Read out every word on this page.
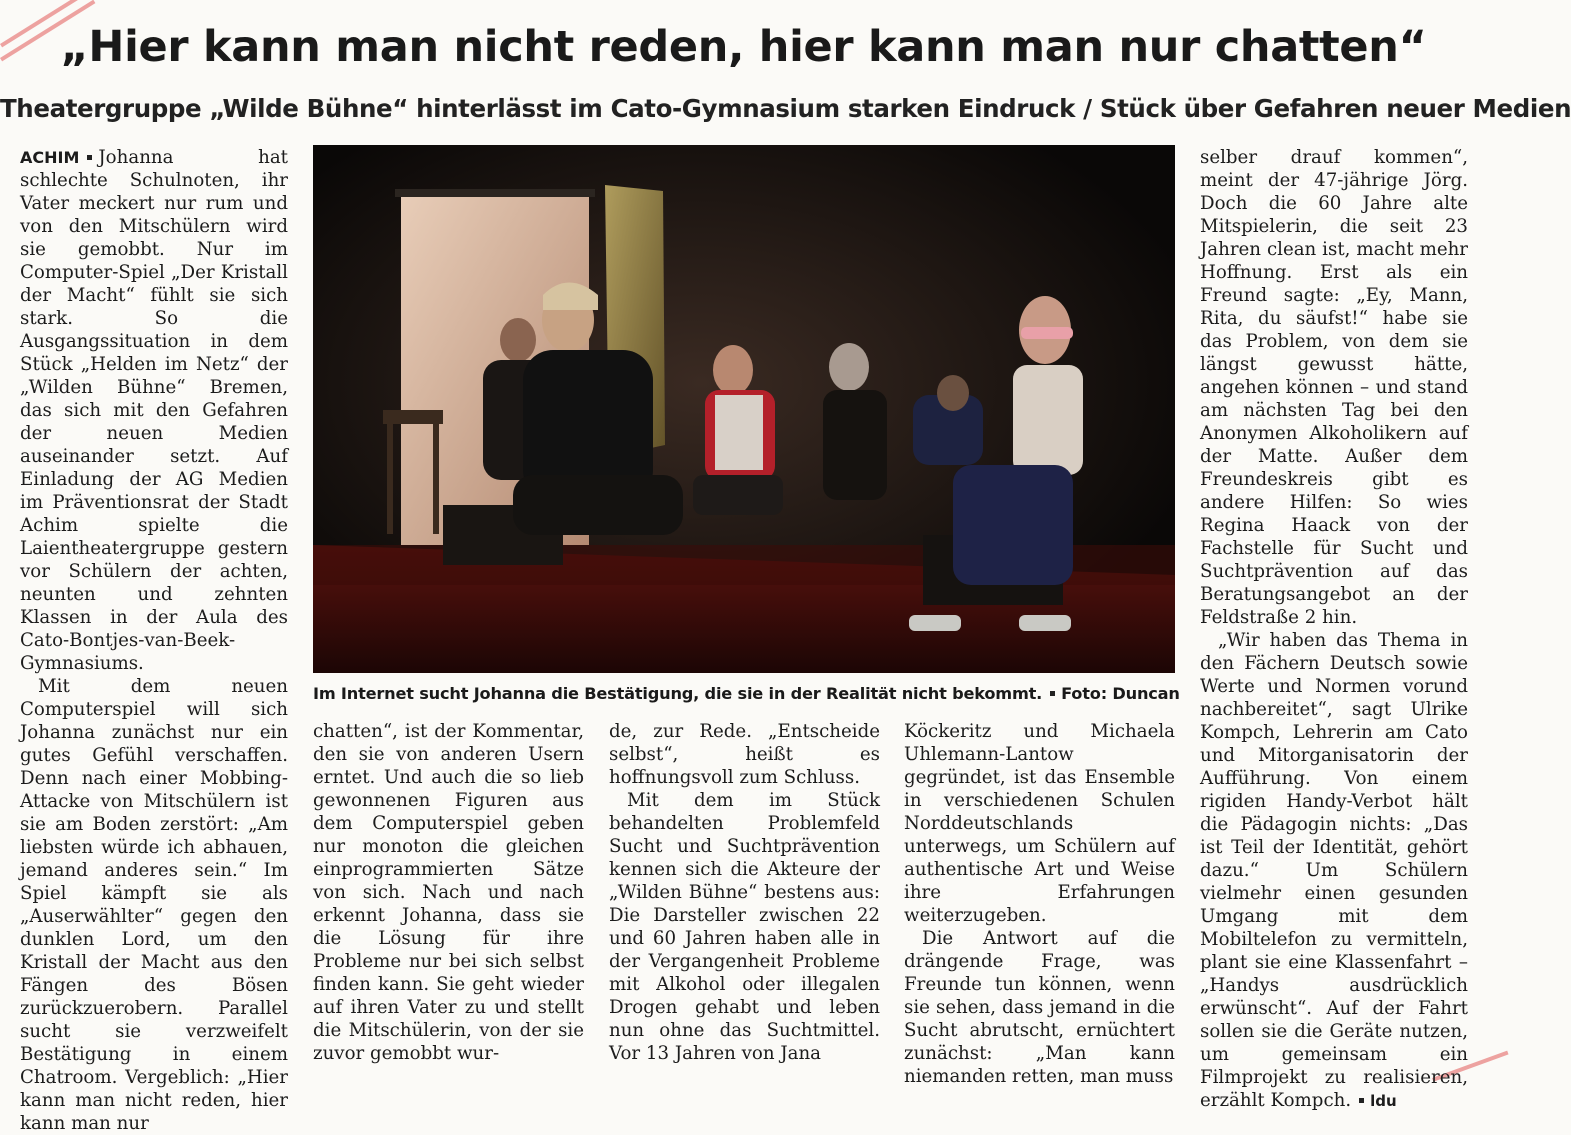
„Hier kann man nicht reden, hier kann man nur chatten“
Theatergruppe „Wilde Bühne“ hinterlässt im Cato-Gymnasium starken Eindruck / Stück über Gefahren neuer Medien

ACHIM Johanna hat schlechte Schulnoten, ihr Vater meckert nur rum und von den Mitschülern wird sie gemobbt. Nur im Computer-Spiel „Der Kristall der Macht“ fühlt sie sich stark. So die Ausgangssituation in dem Stück „Helden im Netz“ der „Wilden Bühne“ Bremen, das sich mit den Gefahren der neuen Medien auseinander setzt. Auf Einladung der AG Medien im Präventionsrat der Stadt Achim spielte die Laientheatergruppe gestern vor Schülern der achten, neunten und zehnten Klassen in der Aula des Cato-Bontjes-van-Beek-Gymnasiums.

Mit dem neuen Computerspiel will sich Johanna zunächst nur ein gutes Gefühl verschaffen. Denn nach einer Mobbing-Attacke von Mitschülern ist sie am Boden zerstört: „Am liebsten würde ich abhauen, jemand anderes sein.“ Im Spiel kämpft sie als „Auserwählter“ gegen den dunklen Lord, um den Kristall der Macht aus den Fängen des Bösen zurückzuerobern. Parallel sucht sie verzweifelt Bestätigung in einem Chatroom. Vergeblich: „Hier kann man nicht reden, hier kann man nur

Im Internet sucht Johanna die Bestätigung, die sie in der Realität nicht bekommt. Foto: Duncan

chatten“, ist der Kommentar, den sie von anderen Usern erntet. Und auch die so lieb gewonnenen Figuren aus dem Computerspiel geben nur monoton die gleichen einprogrammierten Sätze von sich. Nach und nach erkennt Johanna, dass sie die Lösung für ihre Probleme nur bei sich selbst finden kann. Sie geht wieder auf ihren Vater zu und stellt die Mitschülerin, von der sie zuvor gemobbt wur-

de, zur Rede. „Entscheide selbst“, heißt es hoffnungsvoll zum Schluss.

Mit dem im Stück behandelten Problemfeld Sucht und Suchtprävention kennen sich die Akteure der „Wilden Bühne“ bestens aus: Die Darsteller zwischen 22 und 60 Jahren haben alle in der Vergangenheit Probleme mit Alkohol oder illegalen Drogen gehabt und leben nun ohne das Suchtmittel. Vor 13 Jahren von Jana

Köckeritz und Michaela Uhlemann-Lantow gegründet, ist das Ensemble in verschiedenen Schulen Norddeutschlands unterwegs, um Schülern auf authentische Art und Weise ihre Erfahrungen weiterzugeben.

Die Antwort auf die drängende Frage, was Freunde tun können, wenn sie sehen, dass jemand in die Sucht abrutscht, ernüchtert zunächst: „Man kann niemanden retten, man muss

selber drauf kommen“, meint der 47-jährige Jörg. Doch die 60 Jahre alte Mitspielerin, die seit 23 Jahren clean ist, macht mehr Hoffnung. Erst als ein Freund sagte: „Ey, Mann, Rita, du säufst!“ habe sie das Problem, von dem sie längst gewusst hätte, angehen können – und stand am nächsten Tag bei den Anonymen Alkoholikern auf der Matte. Außer dem Freundeskreis gibt es andere Hilfen: So wies Regina Haack von der Fachstelle für Sucht und Suchtprävention auf das Beratungsangebot an der Feldstraße 2 hin.

„Wir haben das Thema in den Fächern Deutsch sowie Werte und Normen vorund nachbereitet“, sagt Ulrike Kompch, Lehrerin am Cato und Mitorganisatorin der Aufführung. Von einem rigiden Handy-Verbot hält die Pädagogin nichts: „Das ist Teil der Identität, gehört dazu.“ Um Schülern vielmehr einen gesunden Umgang mit dem Mobiltelefon zu vermitteln, plant sie eine Klassenfahrt – „Handys ausdrücklich erwünscht“. Auf der Fahrt sollen sie die Geräte nutzen, um gemeinsam ein Filmprojekt zu realisieren, erzählt Kompch. ldu
